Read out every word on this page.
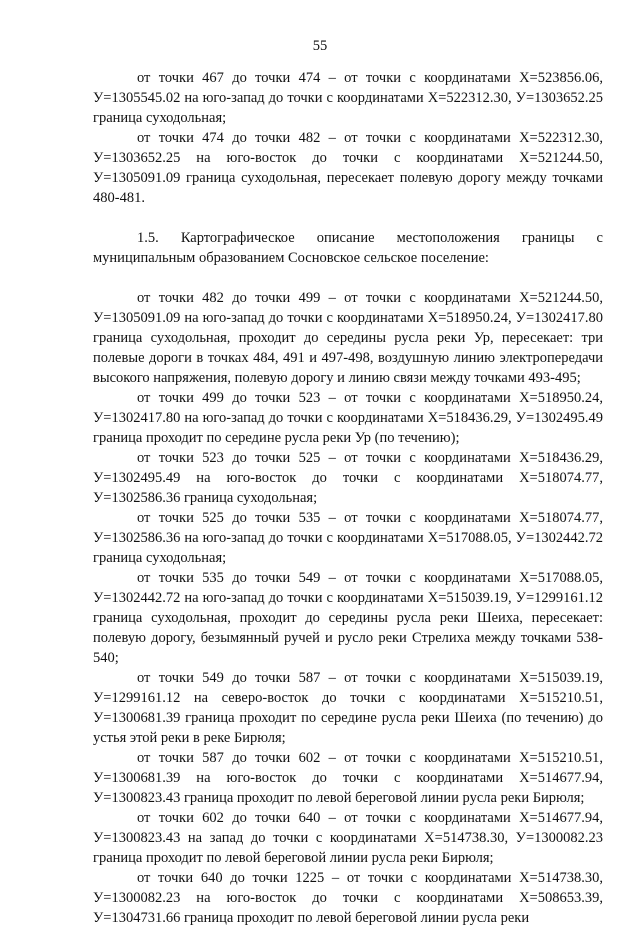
55

от точки 467 до точки 474 – от точки с координатами Х=523856.06, У=1305545.02 на юго-запад до точки с координатами Х=522312.30, У=1303652.25 граница суходольная;

от точки 474 до точки 482 – от точки с координатами Х=522312.30, У=1303652.25 на юго-восток до точки с координатами Х=521244.50, У=1305091.09 граница суходольная, пересекает полевую дорогу между точками 480-481.

1.5. Картографическое описание местоположения границы с муниципальным образованием Сосновское сельское поселение:

от точки 482 до точки 499 – от точки с координатами Х=521244.50, У=1305091.09 на юго-запад до точки с координатами Х=518950.24, У=1302417.80 граница суходольная, проходит до середины русла реки Ур, пересекает: три полевые дороги в точках 484, 491 и 497-498, воздушную линию электропередачи высокого напряжения, полевую дорогу и линию связи между точками 493-495;

от точки 499 до точки 523 – от точки с координатами Х=518950.24, У=1302417.80 на юго-запад до точки с координатами Х=518436.29, У=1302495.49 граница проходит по середине русла реки Ур (по течению);

от точки 523 до точки 525 – от точки с координатами Х=518436.29, У=1302495.49 на юго-восток до точки с координатами Х=518074.77, У=1302586.36 граница суходольная;

от точки 525 до точки 535 – от точки с координатами Х=518074.77, У=1302586.36 на юго-запад до точки с координатами Х=517088.05, У=1302442.72 граница суходольная;

от точки 535 до точки 549 – от точки с координатами Х=517088.05, У=1302442.72 на юго-запад до точки с координатами Х=515039.19, У=1299161.12 граница суходольная, проходит до середины русла реки Шеиха, пересекает: полевую дорогу, безымянный ручей и русло реки Стрелиха между точками 538-540;

от точки 549 до точки 587 – от точки с координатами Х=515039.19, У=1299161.12 на северо-восток до точки с координатами Х=515210.51, У=1300681.39 граница проходит по середине русла реки Шеиха (по течению) до устья этой реки в реке Бирюля;

от точки 587 до точки 602 – от точки с координатами Х=515210.51, У=1300681.39 на юго-восток до точки с координатами Х=514677.94, У=1300823.43 граница проходит по левой береговой линии русла реки Бирюля;

от точки 602 до точки 640 – от точки с координатами Х=514677.94, У=1300823.43 на запад до точки с координатами Х=514738.30, У=1300082.23 граница проходит по левой береговой линии русла реки Бирюля;

от точки 640 до точки 1225 – от точки с координатами Х=514738.30, У=1300082.23 на юго-восток до точки с координатами Х=508653.39, У=1304731.66 граница проходит по левой береговой линии русла реки
